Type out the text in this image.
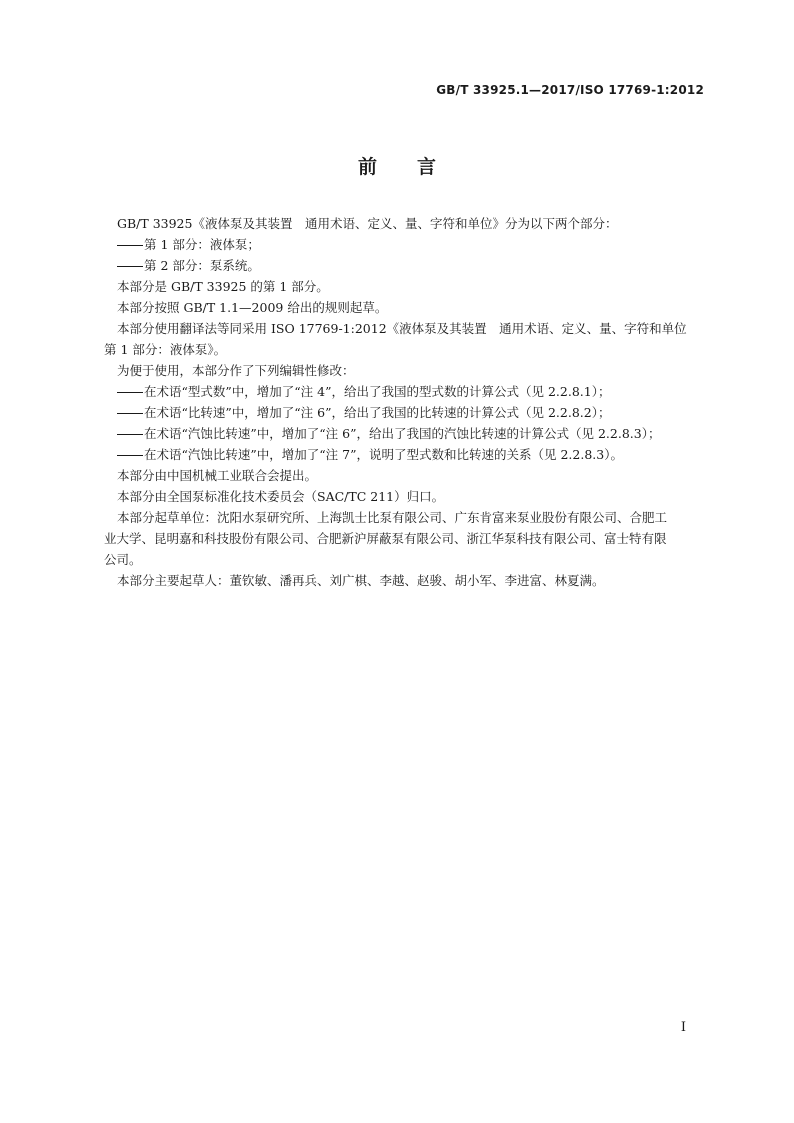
GB/T 33925.1—2017/ISO 17769-1:2012
前言

GB/T 33925《液体泵及其装置　通用术语、定义、量、字符和单位》分为以下两个部分：

第 1 部分：液体泵；

第 2 部分：泵系统。

本部分是 GB/T 33925 的第 1 部分。

本部分按照 GB/T 1.1—2009 给出的规则起草。

本部分使用翻译法等同采用 ISO 17769-1:2012《液体泵及其装置　通用术语、定义、量、字符和单位

第 1 部分：液体泵》。

为便于使用，本部分作了下列编辑性修改：

在术语“型式数”中，增加了“注 4”，给出了我国的型式数的计算公式（见 2.2.8.1）；

在术语“比转速”中，增加了“注 6”，给出了我国的比转速的计算公式（见 2.2.8.2）；

在术语“汽蚀比转速”中，增加了“注 6”，给出了我国的汽蚀比转速的计算公式（见 2.2.8.3）；

在术语“汽蚀比转速”中，增加了“注 7”，说明了型式数和比转速的关系（见 2.2.8.3）。

本部分由中国机械工业联合会提出。

本部分由全国泵标准化技术委员会（SAC/TC 211）归口。

本部分起草单位：沈阳水泵研究所、上海凯士比泵有限公司、广东肯富来泵业股份有限公司、合肥工

业大学、昆明嘉和科技股份有限公司、合肥新沪屏蔽泵有限公司、浙江华泵科技有限公司、富士特有限

公司。

本部分主要起草人：董钦敏、潘再兵、刘广棋、李越、赵骏、胡小军、李进富、林夏满。

I
